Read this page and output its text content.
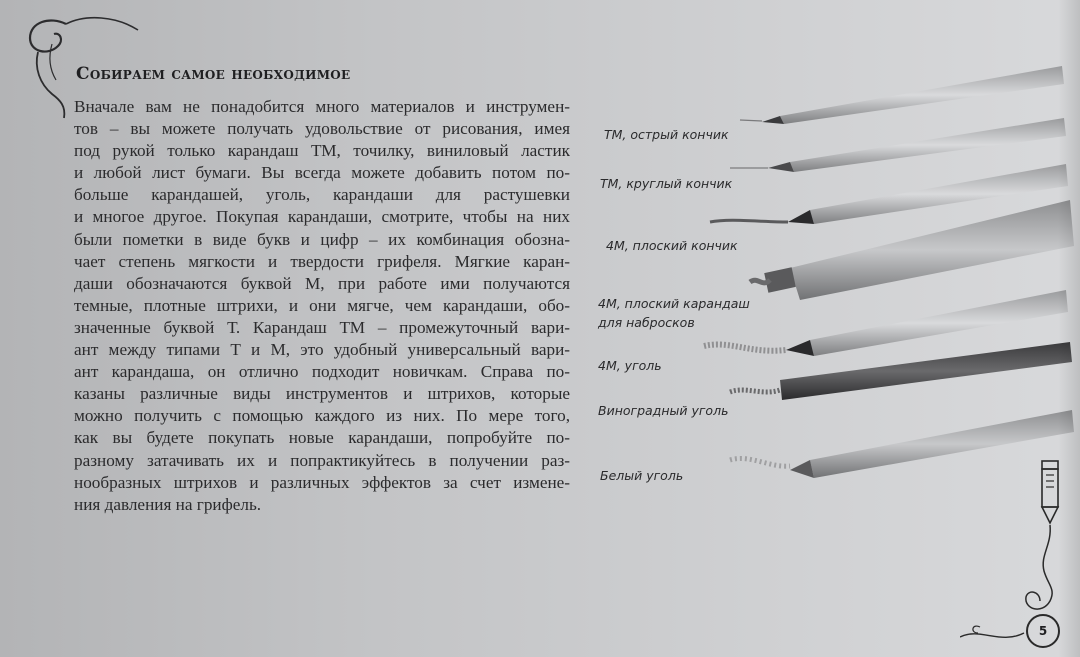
Собираем самое необходимое
Вначале вам не понадобится много материалов и инструмен-
тов – вы можете получать удовольствие от рисования, имея
под рукой только карандаш ТМ, точилку, виниловый ластик
и любой лист бумаги. Вы всегда можете добавить потом по-
больше карандашей, уголь, карандаши для растушевки
и многое другое. Покупая карандаши, смотрите, чтобы на них
были пометки в виде букв и цифр – их комбинация обозна-
чает степень мягкости и твердости грифеля. Мягкие каран-
даши обозначаются буквой М, при работе ими получаются
темные, плотные штрихи, и они мягче, чем карандаши, обо-
значенные буквой Т. Карандаш ТМ – промежуточный вари-
ант между типами Т и М, это удобный универсальный вари-
ант карандаша, он отлично подходит новичкам. Справа по-
казаны различные виды инструментов и штрихов, которые
можно получить с помощью каждого из них. По мере того,
как вы будете покупать новые карандаши, попробуйте по-
разному затачивать их и попрактикуйтесь в получении раз-
нообразных штрихов и различных эффектов за счет измене-
ния давления на грифель.
ТМ, острый кончик
ТМ, круглый кончик
4М, плоский кончик
4М, плоский карандаш
для набросков
4М, уголь
Виноградный уголь
Белый уголь
5
